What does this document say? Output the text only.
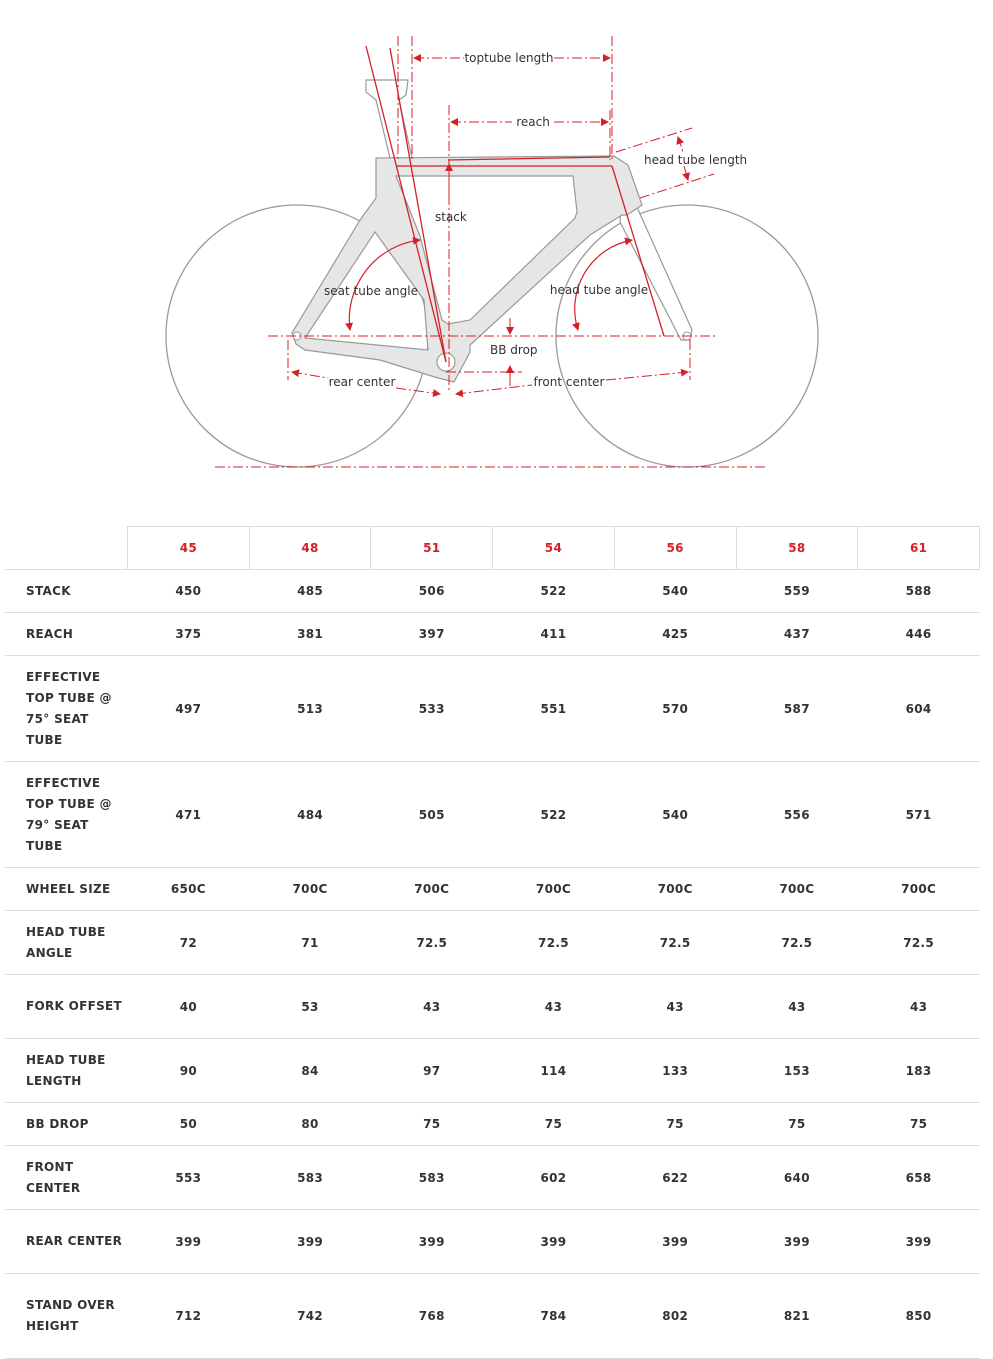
toptube length
reach
head tube length
stack
seat tube angle	head tube angle
BB drop
rear center	front center
	45	48	51	54	56	58	61
STACK	450	485	506	522	540	559	588
REACH	375	381	397	411	425	437	446
EFFECTIVE TOP TUBE @ 75° SEAT TUBE	497	513	533	551	570	587	604
EFFECTIVE TOP TUBE @ 79° SEAT TUBE	471	484	505	522	540	556	571
WHEEL SIZE	650C	700C	700C	700C	700C	700C	700C
HEAD TUBE ANGLE	72	71	72.5	72.5	72.5	72.5	72.5
FORK OFFSET	40	53	43	43	43	43	43
HEAD TUBE LENGTH	90	84	97	114	133	153	183
BB DROP	50	80	75	75	75	75	75
FRONT CENTER	553	583	583	602	622	640	658
REAR CENTER	399	399	399	399	399	399	399
STAND OVER HEIGHT	712	742	768	784	802	821	850
